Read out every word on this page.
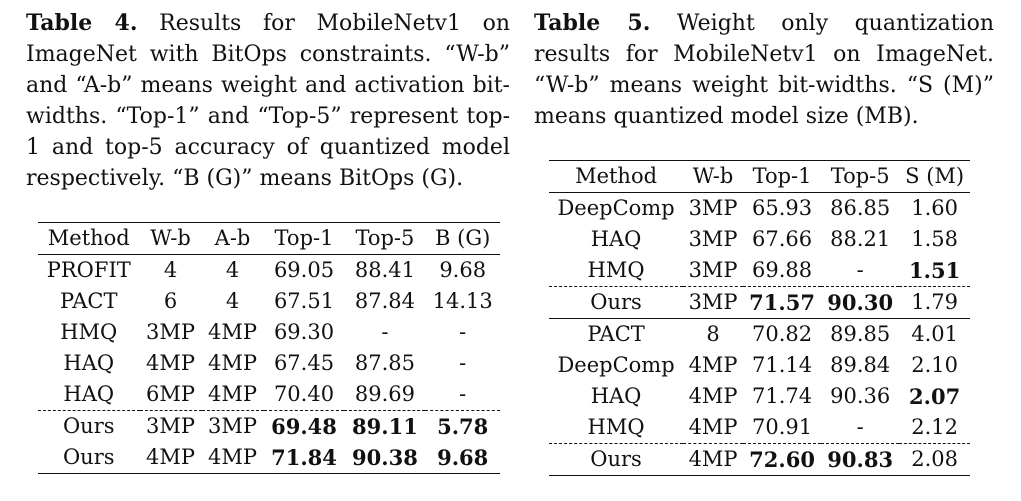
Table 4. Results for MobileNetv1 on ImageNet with BitOps constraints. “W-b” and “A-b” means weight and activation bit-widths. “Top-1” and “Top-5” represent top-1 and top-5 accuracy of quantized model respectively. “B (G)” means BitOps (G).
Table 5. Weight only quantization results for MobileNetv1 on ImageNet. “W-b” means weight bit-widths. “S (M)” means quantized model size (MB).
Method	W-b	A-b	Top-1	Top-5	B (G)
PROFIT	4	4	69.05	88.41	9.68
PACT	6	4	67.51	87.84	14.13
HMQ	3MP	4MP	69.30	-	-
HAQ	4MP	4MP	67.45	87.85	-
HAQ	6MP	4MP	70.40	89.69	-
Ours	3MP	3MP	69.48	89.11	5.78
Ours	4MP	4MP	71.84	90.38	9.68
Method	W-b	Top-1	Top-5	S (M)
DeepComp	3MP	65.93	86.85	1.60
HAQ	3MP	67.66	88.21	1.58
HMQ	3MP	69.88	-	1.51
Ours	3MP	71.57	90.30	1.79
PACT	8	70.82	89.85	4.01
DeepComp	4MP	71.14	89.84	2.10
HAQ	4MP	71.74	90.36	2.07
HMQ	4MP	70.91	-	2.12
Ours	4MP	72.60	90.83	2.08
